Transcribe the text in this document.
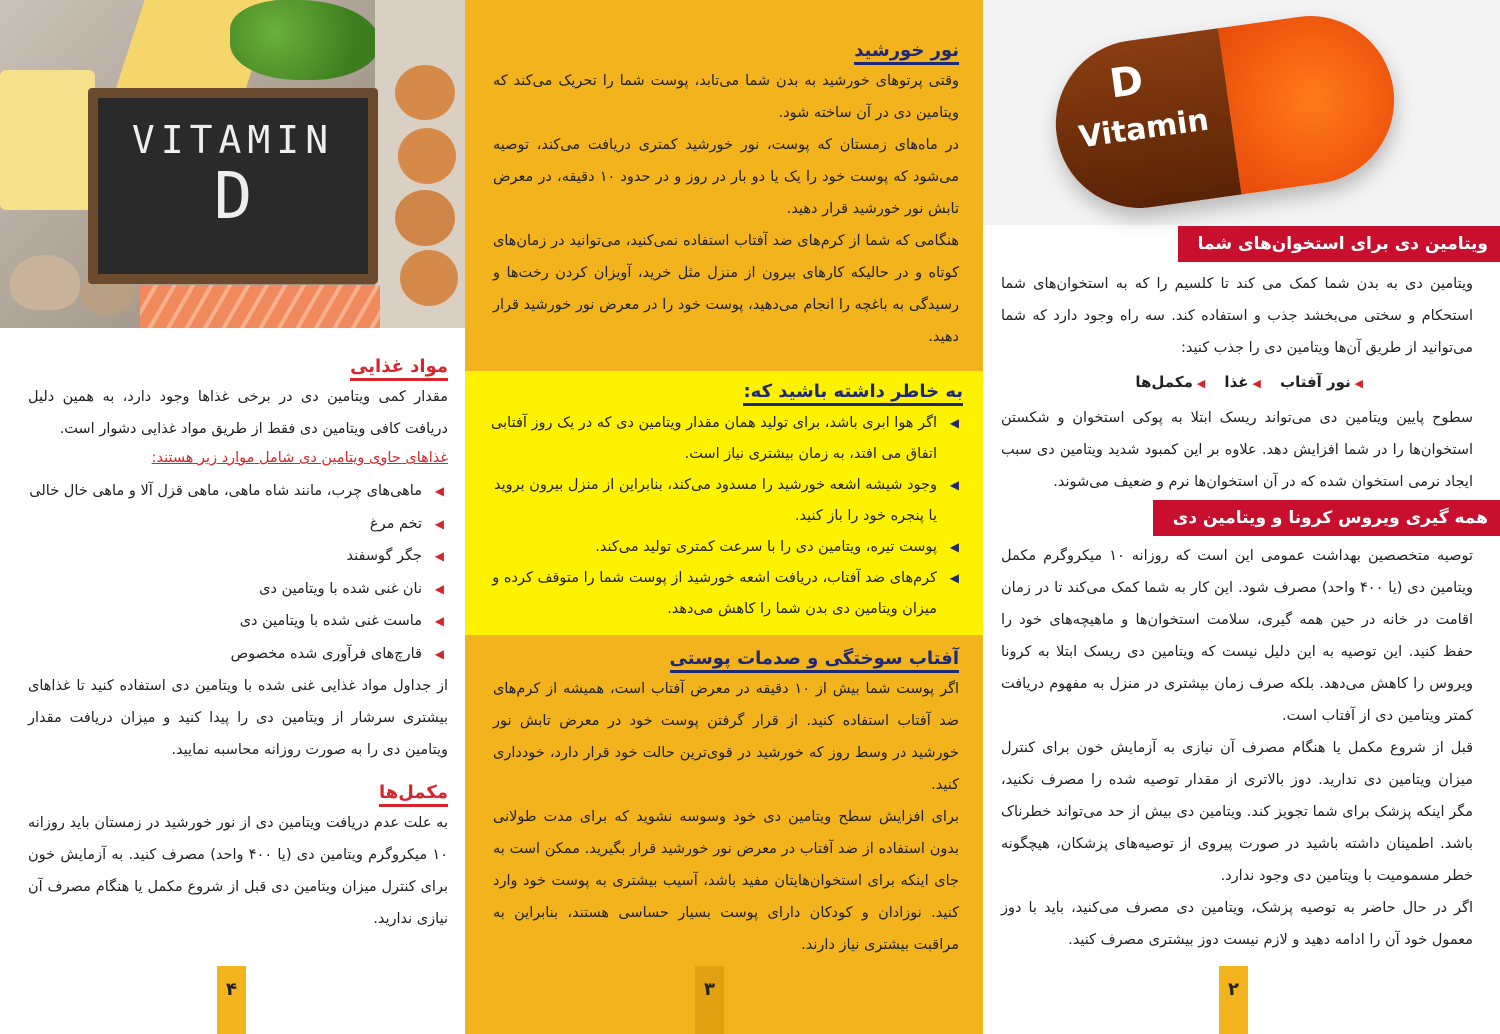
VITAMIN
D
مواد غذایی

مقدار کمی ویتامین دی در برخی غذاها وجود دارد، به همین دلیل دریافت کافی ویتامین دی فقط از طریق مواد غذایی دشوار است.

غذاهای حاوی ویتامین دی شامل موارد زیر هستند:
◀
ماهی‌های چرب، مانند شاه ماهی، ماهی قزل آلا و ماهی خال خالی
◀
تخم مرغ
◀
جگر گوسفند
◀
نان غنی شده با ویتامین دی
◀
ماست غنی شده با ویتامین دی
◀
قارچ‌های فرآوری شده مخصوص

از جداول مواد غذایی غنی شده با ویتامین دی استفاده کنید تا غذاهای بیشتری سرشار از ویتامین دی را پیدا کنید و میزان دریافت مقدار ویتامین دی را به صورت روزانه محاسبه نمایید.

مکمل‌ها

به علت عدم دریافت ویتامین دی از نور خورشید در زمستان باید روزانه ۱۰ میکروگرم ویتامین دی (یا ۴۰۰ واحد) مصرف کنید. به آزمایش خون برای کنترل میزان ویتامین دی قبل از شروع مکمل یا هنگام مصرف آن نیازی ندارید.

۴
نور خورشید

وقتی پرتوهای خورشید به بدن شما می‌تابد، پوست شما را تحریک می‌کند که ویتامین دی در آن ساخته شود.

در ماه‌های زمستان که پوست، نور خورشید کمتری دریافت می‌کند، توصیه می‌شود که پوست خود را یک یا دو بار در روز و در حدود ۱۰ دقیقه، در معرض تابش نور خورشید قرار دهید.

هنگامی که شما از کرم‌های ضد آفتاب استفاده نمی‌کنید، می‌توانید در زمان‌های کوتاه و در حالیکه کارهای بیرون از منزل مثل خرید، آویزان کردن رخت‌ها و رسیدگی به باغچه را انجام می‌دهید، پوست خود را در معرض نور خورشید قرار دهید.

به خاطر داشته باشید که:
◀
اگر هوا ابری باشد، برای تولید همان مقدار ویتامین دی که در یک روز آفتابی اتفاق می افتد، به زمان بیشتری نیاز است.
◀
وجود شیشه اشعه خورشید را مسدود می‌کند، بنابراین از منزل بیرون بروید یا پنجره خود را باز کنید.
◀
پوست تیره، ویتامین دی را با سرعت کمتری تولید می‌کند.
◀
کرم‌های ضد آفتاب، دریافت اشعه خورشید از پوست شما را متوقف کرده و میزان ویتامین دی بدن شما را کاهش می‌دهد.
آفتاب سوختگی و صدمات پوستی

اگر پوست شما بیش از ۱۰ دقیقه در معرض آفتاب است، همیشه از کرم‌های ضد آفتاب استفاده کنید. از قرار گرفتن پوست خود در معرض تابش نور خورشید در وسط روز که خورشید در قوی‌ترین حالت خود قرار دارد، خودداری کنید.

برای افزایش سطح ویتامین دی خود وسوسه نشوید که برای مدت طولانی بدون استفاده از ضد آفتاب در معرض نور خورشید قرار بگیرید. ممکن است به جای اینکه برای استخوان‌هایتان مفید باشد، آسیب بیشتری به پوست خود وارد کنید. نوزادان و کودکان دارای پوست بسیار حساسی هستند، بنابراین به مراقبت بیشتری نیاز دارند.

۳
D
Vitamin
ویتامین دی برای استخوان‌های شما

ویتامین دی به بدن شما کمک می کند تا کلسیم را که به استخوان‌های شما استحکام و سختی می‌بخشد جذب و استفاده کند. سه راه وجود دارد که شما می‌توانید از طریق آن‌ها ویتامین دی را جذب کنید:

◀ نور آفتاب ◀ غذا ◀ مکمل‌ها

سطوح پایین ویتامین دی می‌تواند ریسک ابتلا به پوکی استخوان و شکستن استخوان‌ها را در شما افزایش دهد. علاوه بر این کمبود شدید ویتامین دی سبب ایجاد نرمی استخوان شده که در آن استخوان‌ها نرم و ضعیف می‌شوند.

همه گیری ویروس کرونا و ویتامین دی

توصیه متخصصین بهداشت عمومی این است که روزانه ۱۰ میکروگرم مکمل ویتامین دی (یا ۴۰۰ واحد) مصرف شود. این کار به شما کمک می‌کند تا در زمان اقامت در خانه در حین همه گیری، سلامت استخوان‌ها و ماهیچه‌های خود را حفظ کنید. این توصیه به این دلیل نیست که ویتامین دی ریسک ابتلا به کرونا ویروس را کاهش می‌دهد. بلکه صرف زمان بیشتری در منزل به مفهوم دریافت کمتر ویتامین دی از آفتاب است.

قبل از شروع مکمل یا هنگام مصرف آن نیازی به آزمایش خون برای کنترل میزان ویتامین دی ندارید. دوز بالاتری از مقدار توصیه شده را مصرف نکنید، مگر اینکه پزشک برای شما تجویز کند. ویتامین دی بیش از حد می‌تواند خطرناک باشد. اطمینان داشته باشید در صورت پیروی از توصیه‌های پزشکان، هیچگونه خطر مسمومیت با ویتامین دی وجود ندارد.

اگر در حال حاضر به توصیه پزشک، ویتامین دی مصرف می‌کنید، باید با دوز معمول خود آن را ادامه دهید و لازم نیست دوز بیشتری مصرف کنید.

۲
